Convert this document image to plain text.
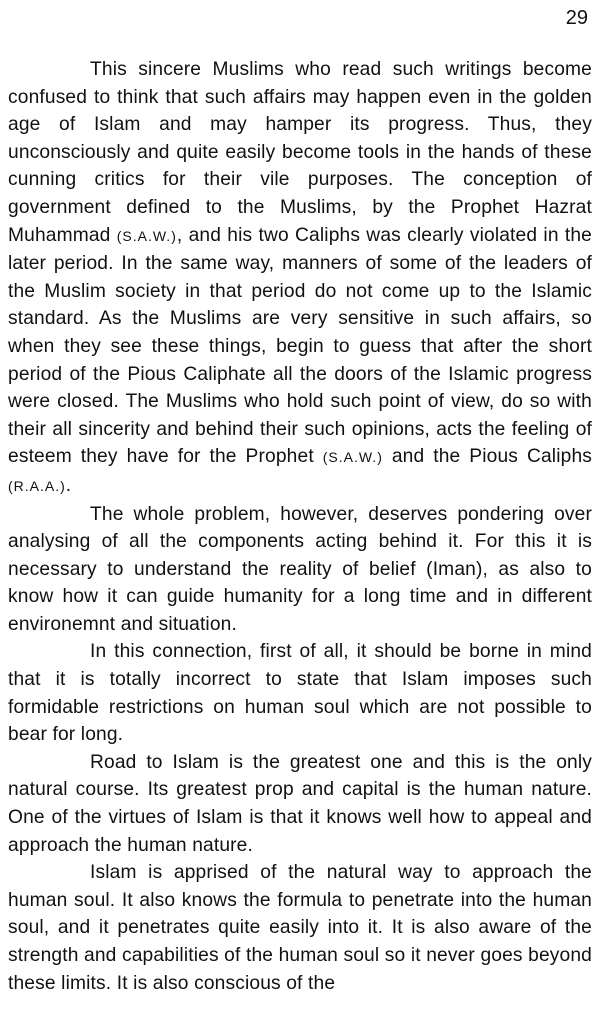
29

This sincere Muslims who read such writings become confused to think that such affairs may happen even in the golden age of Islam and may hamper its progress. Thus, they unconsciously and quite easily become tools in the hands of these cunning critics for their vile purposes. The conception of government defined to the Muslims, by the Prophet Hazrat Muhammad (S.A.W.), and his two Caliphs was clearly violated in the later period. In the same way, manners of some of the leaders of the Muslim society in that period do not come up to the Islamic standard. As the Muslims are very sensitive in such affairs, so when they see these things, begin to guess that after the short period of the Pious Caliphate all the doors of the Islamic progress were closed. The Muslims who hold such point of view, do so with their all sincerity and behind their such opinions, acts the feeling of esteem they have for the Prophet (S.A.W.) and the Pious Caliphs (R.A.A.).

The whole problem, however, deserves pondering over analysing of all the components acting behind it. For this it is necessary to understand the reality of belief (Iman), as also to know how it can guide humanity for a long time and in different environemnt and situation.

In this connection, first of all, it should be borne in mind that it is totally incorrect to state that Islam imposes such formidable restrictions on human soul which are not possible to bear for long.

Road to Islam is the greatest one and this is the only natural course. Its greatest prop and capital is the human nature. One of the virtues of Islam is that it knows well how to appeal and approach the human nature.

Islam is apprised of the natural way to approach the human soul. It also knows the formula to penetrate into the human soul, and it penetrates quite easily into it. It is also aware of the strength and capabilities of the human soul so it never goes beyond these limits. It is also conscious of the
